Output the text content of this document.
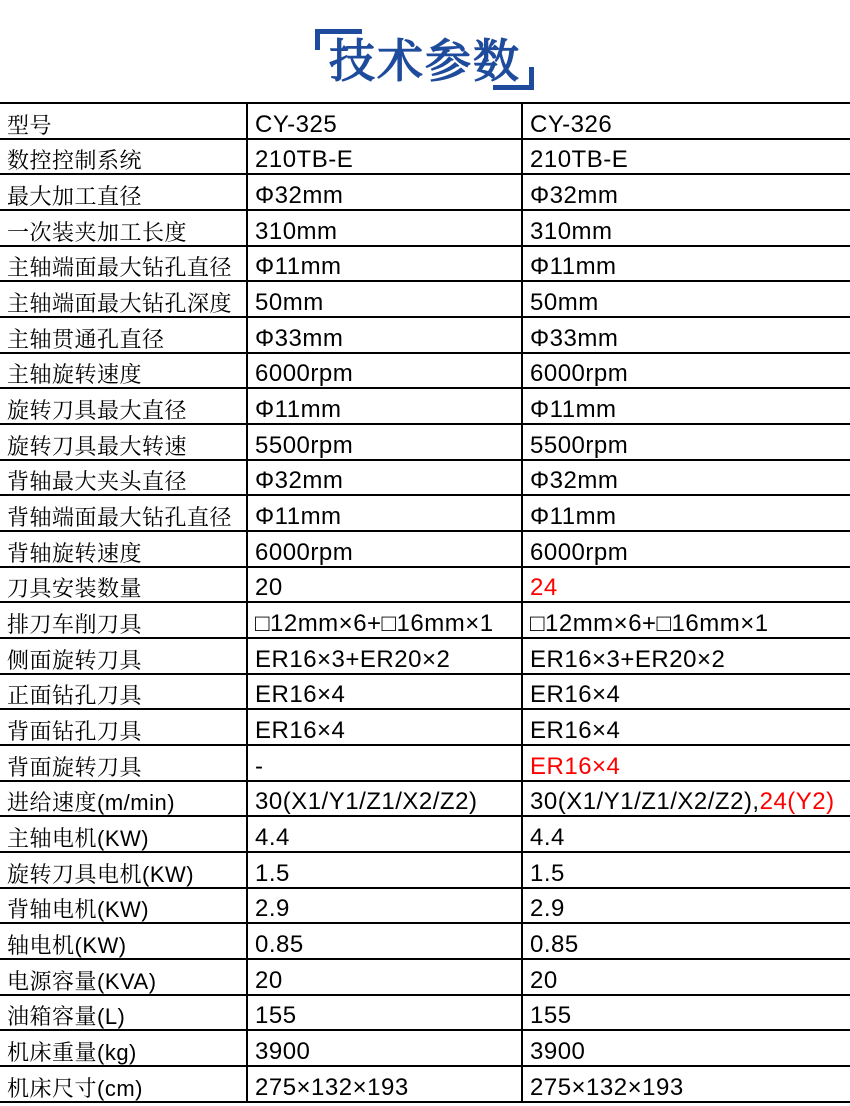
技术参数
型号	CY-325	CY-326
数控控制系统	210TB-E	210TB-E
最大加工直径	Φ32mm	Φ32mm
一次装夹加工长度	310mm	310mm
主轴端面最大钻孔直径 Φ11mm	Φ11mm
主轴端面最大钻孔深度 50mm	50mm
主轴贯通孔直径	Φ33mm	Φ33mm
主轴旋转速度	6000rpm	6000rpm
旋转刀具最大直径	Φ11mm	Φ11mm
旋转刀具最大转速	5500rpm	5500rpm
背轴最大夹头直径	Φ32mm	Φ32mm
背轴端面最大钻孔直径 Φ11mm	Φ11mm
背轴旋转速度	6000rpm	6000rpm
刀具安装数量	20	24
排刀车削刀具	□12mm×6+□16mm×1 □12mm×6+□16mm×1
侧面旋转刀具	ER16×3+ER20×2	ER16×3+ER20×2
正面钻孔刀具	ER16×4	ER16×4
背面钻孔刀具	ER16×4	ER16×4
背面旋转刀具	-	ER16×4
进给速度(m/min)	30(X1/Y1/Z1/X2/Z2) 30(X1/Y1/Z1/X2/Z2), 24(Y2)
主轴电机(KW)	4.4	4.4
旋转刀具电机(KW)	1.5	1.5
背轴电机(KW)	2.9	2.9
轴电机(KW)	0.85	0.85
电源容量(KVA)	20	20
油箱容量(L)	155	155
机床重量(kg)	3900	3900
机床尺寸(cm)	275×132×193	275×132×193
